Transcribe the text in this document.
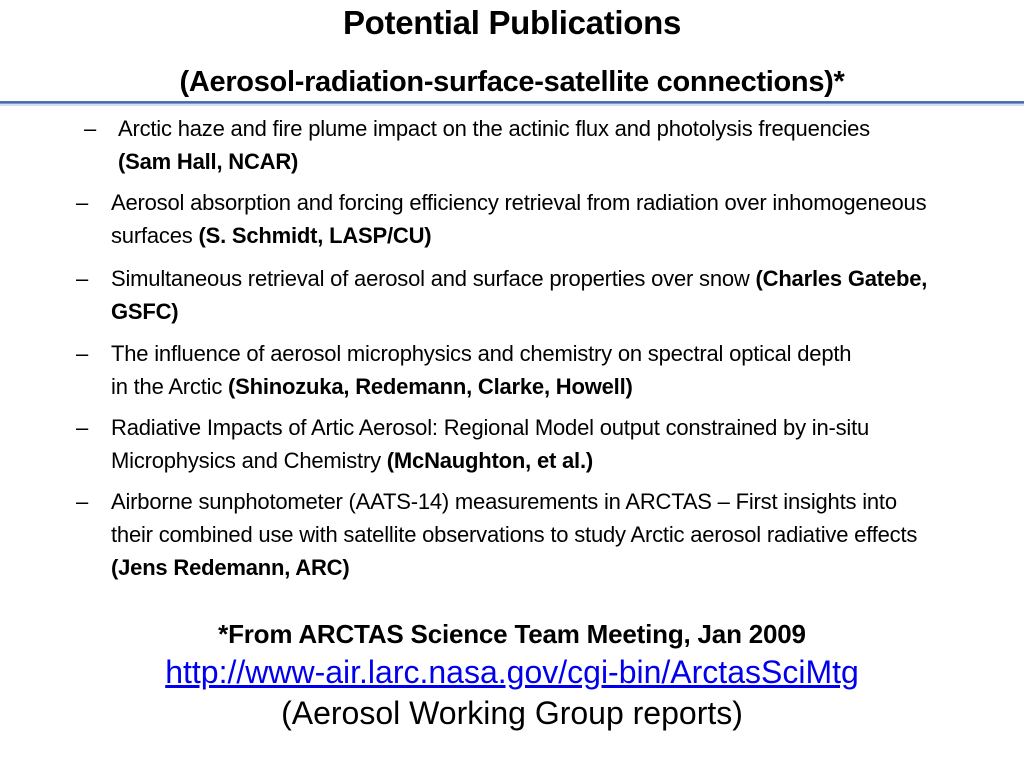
Potential Publications
(Aerosol-radiation-surface-satellite connections)*
– Arctic haze and fire plume impact on the actinic flux and photolysis frequencies (Sam Hall, NCAR)
–	Aerosol absorption and forcing efficiency retrieval from radiation over inhomogeneous surfaces (S. Schmidt, LASP/CU)
–	Simultaneous retrieval of aerosol and surface properties over snow (Charles Gatebe, GSFC)
–	The influence of aerosol microphysics and chemistry on spectral optical depth in the Arctic (Shinozuka, Redemann, Clarke, Howell)
–	Radiative Impacts of Artic Aerosol: Regional Model output constrained by in-situ Microphysics and Chemistry (McNaughton, et al.)
–	Airborne sunphotometer (AATS-14) measurements in ARCTAS – First insights into their combined use with satellite observations to study Arctic aerosol radiative effects (Jens Redemann, ARC)
*From ARCTAS Science Team Meeting, Jan 2009
http://www-air.larc.nasa.gov/cgi-bin/ArctasSciMtg
(Aerosol Working Group reports)
